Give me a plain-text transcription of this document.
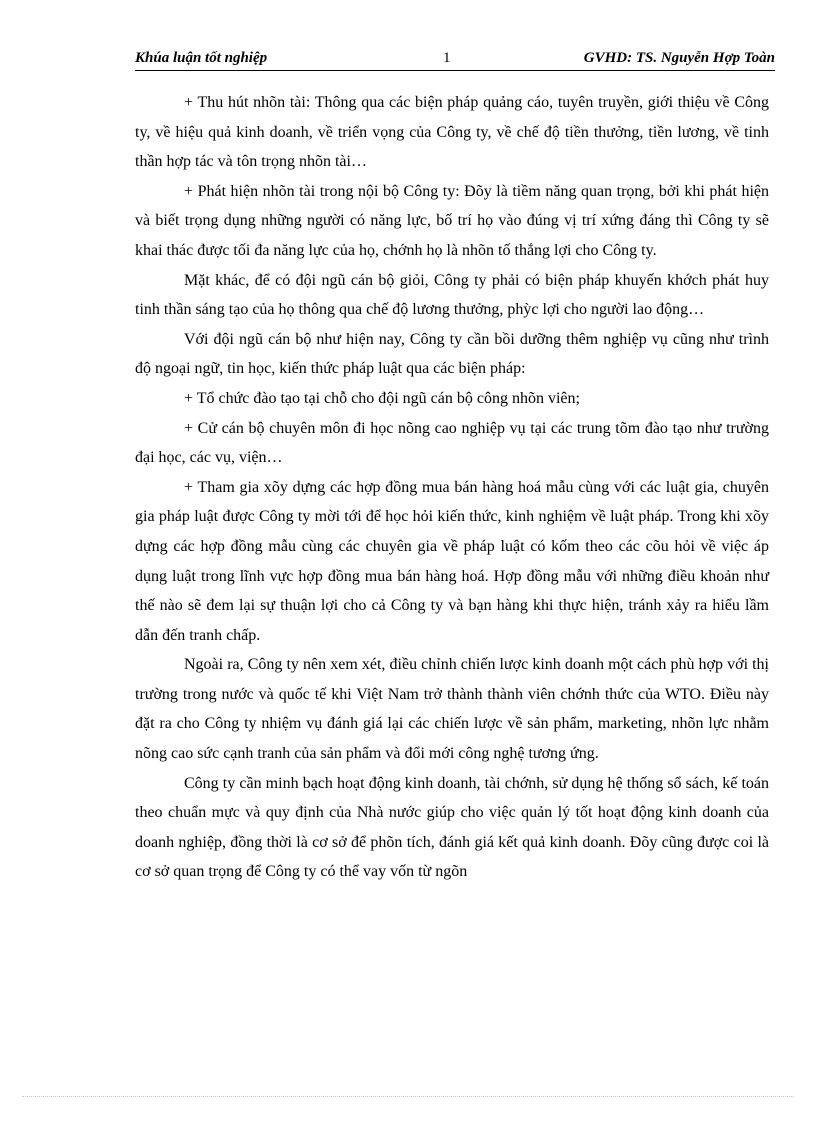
Khúa luận tốt nghiệp	1	GVHD: TS. Nguyễn Hợp Toàn

+ Thu hút nhõn tài: Thông qua các biện pháp quảng cáo, tuyên truyền, giới thiệu về Công ty, về hiệu quả kinh doanh, về triển vọng của Công ty, về chế độ tiền thưởng, tiền lương, về tinh thần hợp tác và tôn trọng nhõn tài…

+ Phát hiện nhõn tài trong nội bộ Công ty: Đõy là tiềm năng quan trọng, bởi khi phát hiện và biết trọng dụng những người có năng lực, bố trí họ vào đúng vị trí xứng đáng thì Công ty sẽ khai thác được tối đa năng lực của họ, chớnh họ là nhõn tố thắng lợi cho Công ty.

Mặt khác, để có đội ngũ cán bộ giỏi, Công ty phải có biện pháp khuyến khớch phát huy tinh thần sáng tạo của họ thông qua chế độ lương thưởng, phỳc lợi cho người lao động…

Với đội ngũ cán bộ như hiện nay, Công ty cần bồi dưỡng thêm nghiệp vụ cũng như trình độ ngoại ngữ, tin học, kiến thức pháp luật qua các biện pháp:

+ Tổ chức đào tạo tại chỗ cho đội ngũ cán bộ công nhõn viên;

+ Cử cán bộ chuyên môn đi học nõng cao nghiệp vụ tại các trung tõm đào tạo như trường đại học, các vụ, viện…

+ Tham gia xõy dựng các hợp đồng mua bán hàng hoá mẫu cùng với các luật gia, chuyên gia pháp luật được Công ty mời tới để học hỏi kiến thức, kinh nghiệm về luật pháp. Trong khi xõy dựng các hợp đồng mẫu cùng các chuyên gia về pháp luật có kốm theo các cõu hỏi về việc áp dụng luật trong lĩnh vực hợp đồng mua bán hàng hoá. Hợp đồng mẫu với những điều khoản như thế nào sẽ đem lại sự thuận lợi cho cả Công ty và bạn hàng khi thực hiện, tránh xảy ra hiểu lầm dẫn đến tranh chấp.

Ngoài ra, Công ty nên xem xét, điều chỉnh chiến lược kinh doanh một cách phù hợp với thị trường trong nước và quốc tế khi Việt Nam trở thành thành viên chớnh thức của WTO. Điều này đặt ra cho Công ty nhiệm vụ đánh giá lại các chiến lược về sản phẩm, marketing, nhõn lực nhằm nõng cao sức cạnh tranh của sản phẩm và đổi mới công nghệ tương ứng.

Công ty cần minh bạch hoạt động kinh doanh, tài chớnh, sử dụng hệ thống sổ sách, kế toán theo chuẩn mực và quy định của Nhà nước giúp cho việc quản lý tốt hoạt động kinh doanh của doanh nghiệp, đồng thời là cơ sở để phõn tích, đánh giá kết quả kinh doanh. Đõy cũng được coi là cơ sở quan trọng để Công ty có thể vay vốn từ ngõn
